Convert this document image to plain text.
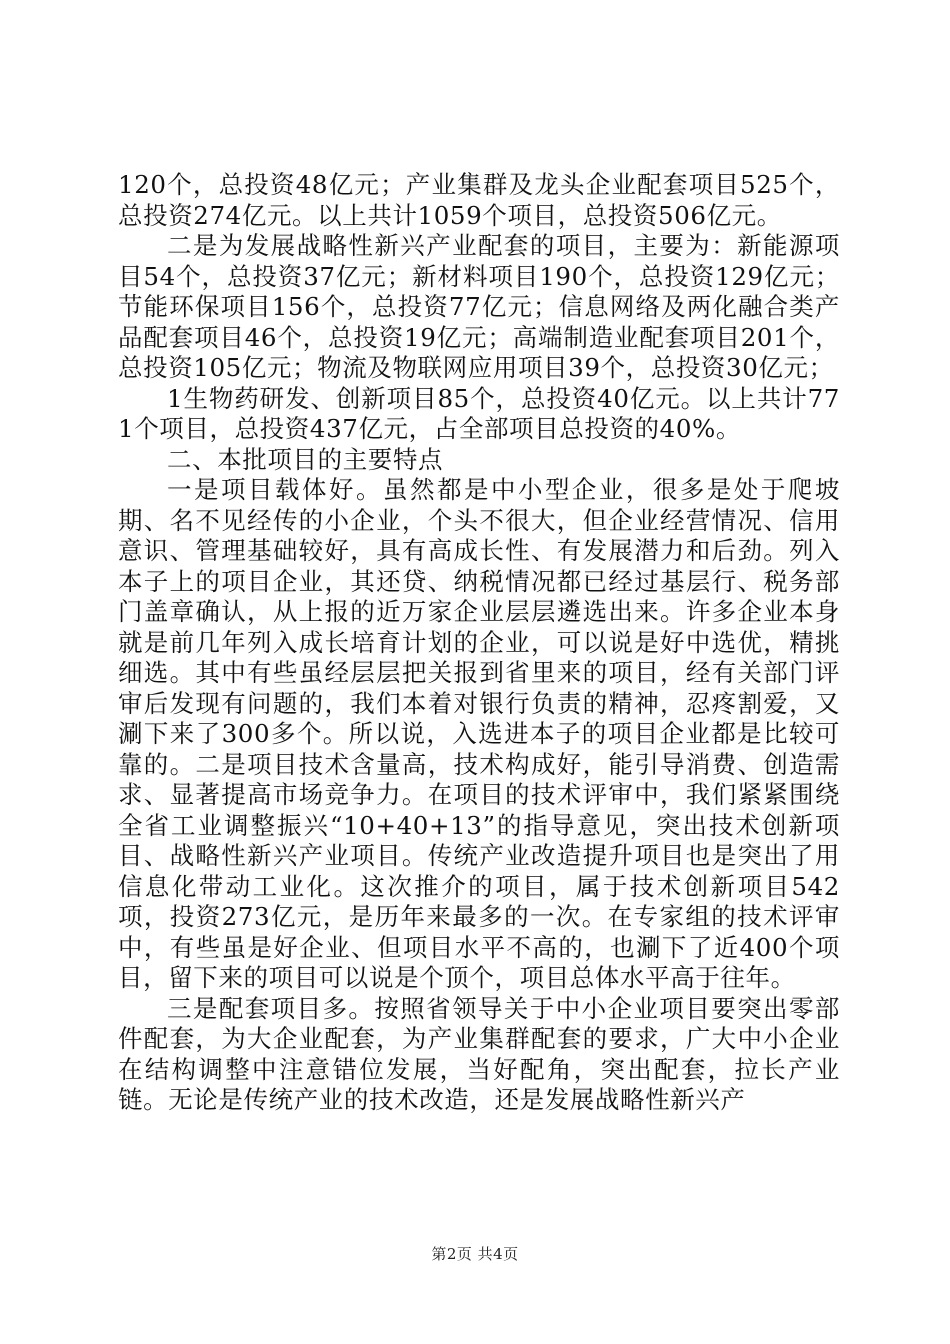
120个，总投资48亿元；产业集群及龙头企业配套项目525个，总投资274亿元。以上共计1059个项目，总投资506亿元。

二是为发展战略性新兴产业配套的项目，主要为：新能源项目54个，总投资37亿元；新材料项目190个，总投资129亿元；节能环保项目156个，总投资77亿元；信息网络及两化融合类产品配套项目46个，总投资19亿元；高端制造业配套项目201个，总投资105亿元；物流及物联网应用项目39个，总投资30亿元；

1生物药研发、创新项目85个，总投资40亿元。以上共计771个项目，总投资437亿元，占全部项目总投资的40%。

二、本批项目的主要特点

一是项目载体好。虽然都是中小型企业，很多是处于爬坡期、名不见经传的小企业，个头不很大，但企业经营情况、信用意识、管理基础较好，具有高成长性、有发展潜力和后劲。列入本子上的项目企业，其还贷、纳税情况都已经过基层行、税务部门盖章确认，从上报的近万家企业层层遴选出来。许多企业本身就是前几年列入成长培育计划的企业，可以说是好中选优，精挑细选。其中有些虽经层层把关报到省里来的项目，经有关部门评审后发现有问题的，我们本着对银行负责的精神，忍疼割爱，又涮下来了300多个。所以说，入选进本子的项目企业都是比较可靠的。二是项目技术含量高，技术构成好，能引导消费、创造需求、显著提高市场竞争力。在项目的技术评审中，我们紧紧围绕全省工业调整振兴“10+40+13”的指导意见，突出技术创新项目、战略性新兴产业项目。传统产业改造提升项目也是突出了用信息化带动工业化。这次推介的项目，属于技术创新项目542项，投资273亿元，是历年来最多的一次。在专家组的技术评审中，有些虽是好企业、但项目水平不高的，也涮下了近400个项目，留下来的项目可以说是个顶个，项目总体水平高于往年。

三是配套项目多。按照省领导关于中小企业项目要突出零部件配套，为大企业配套，为产业集群配套的要求，广大中小企业在结构调整中注意错位发展，当好配角，突出配套，拉长产业链。无论是传统产业的技术改造，还是发展战略性新兴产

第2页 共4页
